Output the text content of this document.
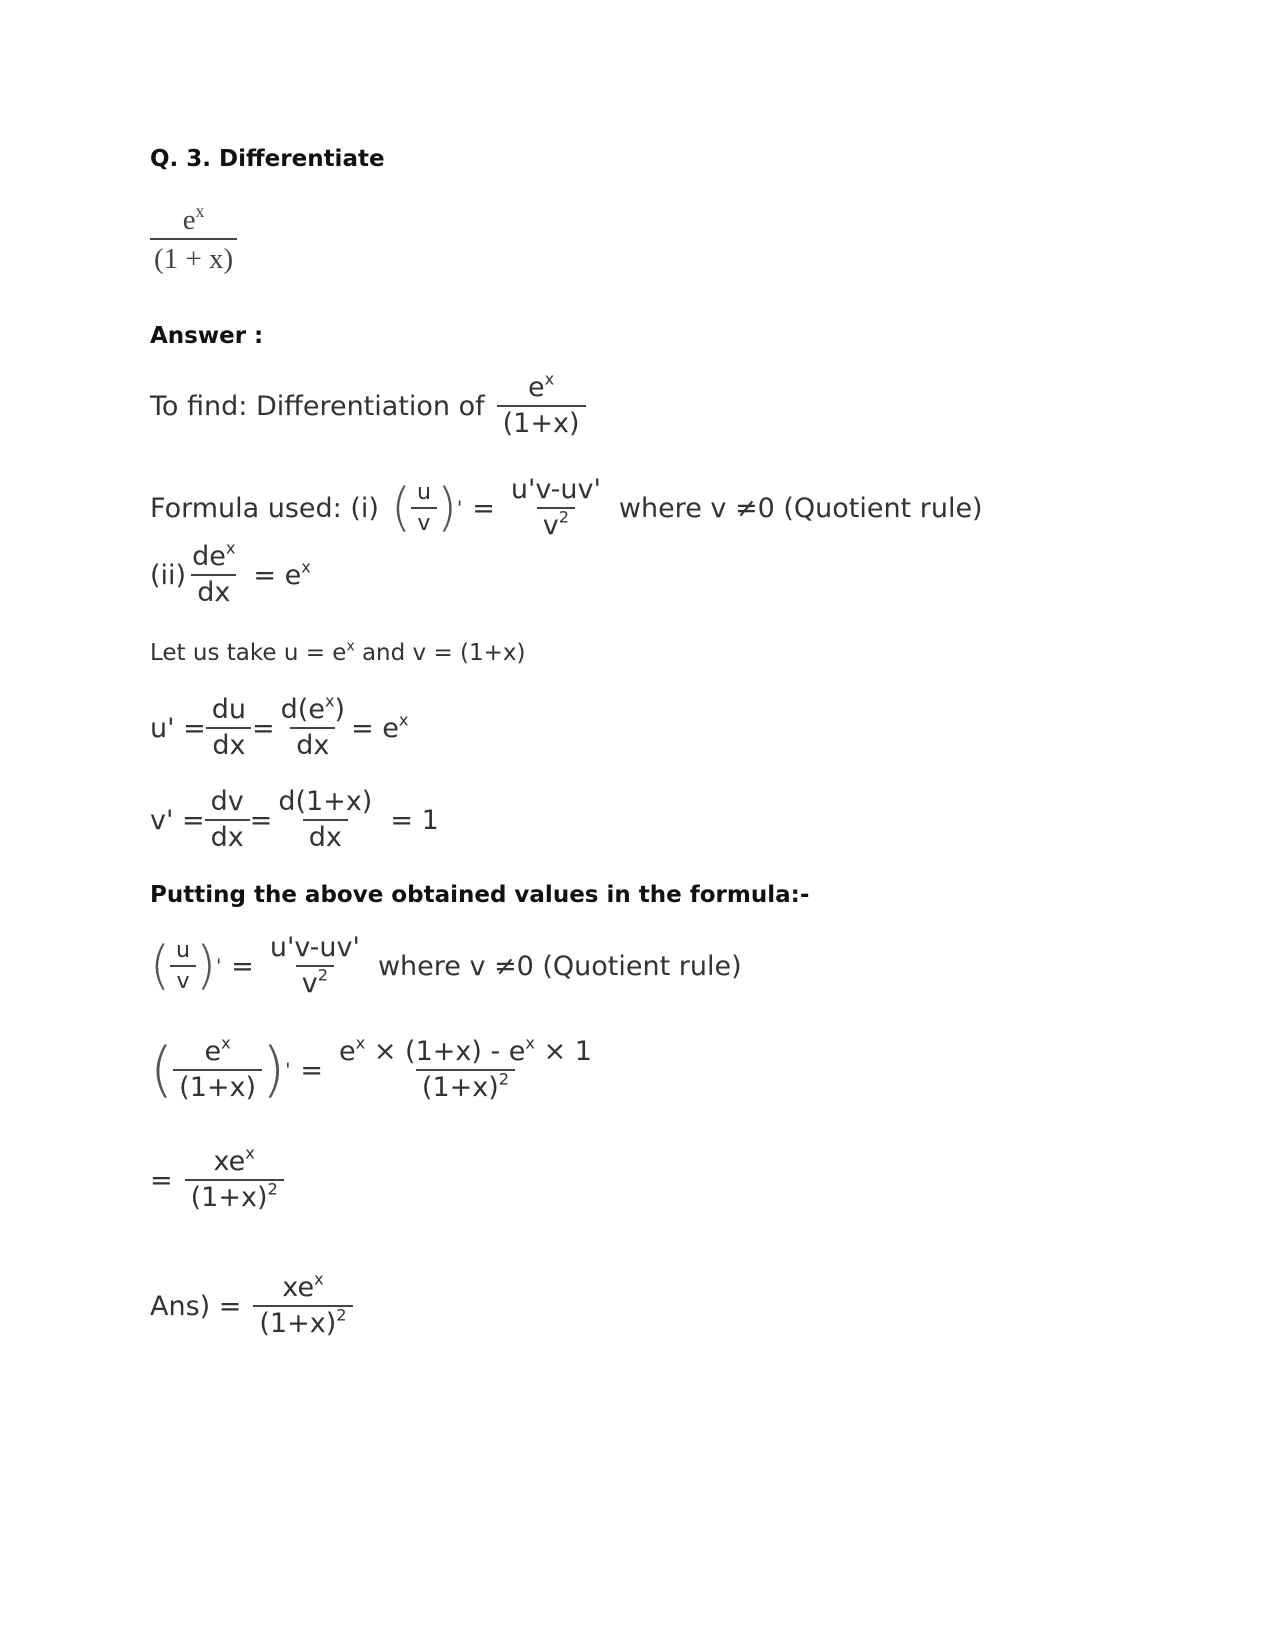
Q. 3. Differentiate
$\frac{e^x}{(1 + x)}$
Answer :
To find: Differentiation of $\frac{e^x}{(1+x)}$
Formula used: (i) ( $\frac{u}{v}$ ) ' = $\frac{u'v-uv'}{v^2}$ where v ≠0 (Quotient rule)
$(ii) \frac{de^x}{dx} = e^x$
Let us take $u = e^x$ and v = (1+x)
$u' = \frac{du}{dx} = \frac{d(e^x)}{dx} = e^x$
$v' = \frac{dv}{dx} = \frac{d(1+x)}{dx} = 1$
Putting the above obtained values in the formula:-
( $\frac{u}{v}$ ) ' = $\frac{u'v-uv'}{v^2}$ where v ≠0 (Quotient rule)
( $\frac{e^x}{(1+x)}$ ) ' = $\frac{e^x \times (1+x) - e^x \times 1}{(1+x)^2}$
= $\frac{xe^x}{(1+x)^2}$
$Ans) = \frac{xe^x}{(1+x)^2}$
